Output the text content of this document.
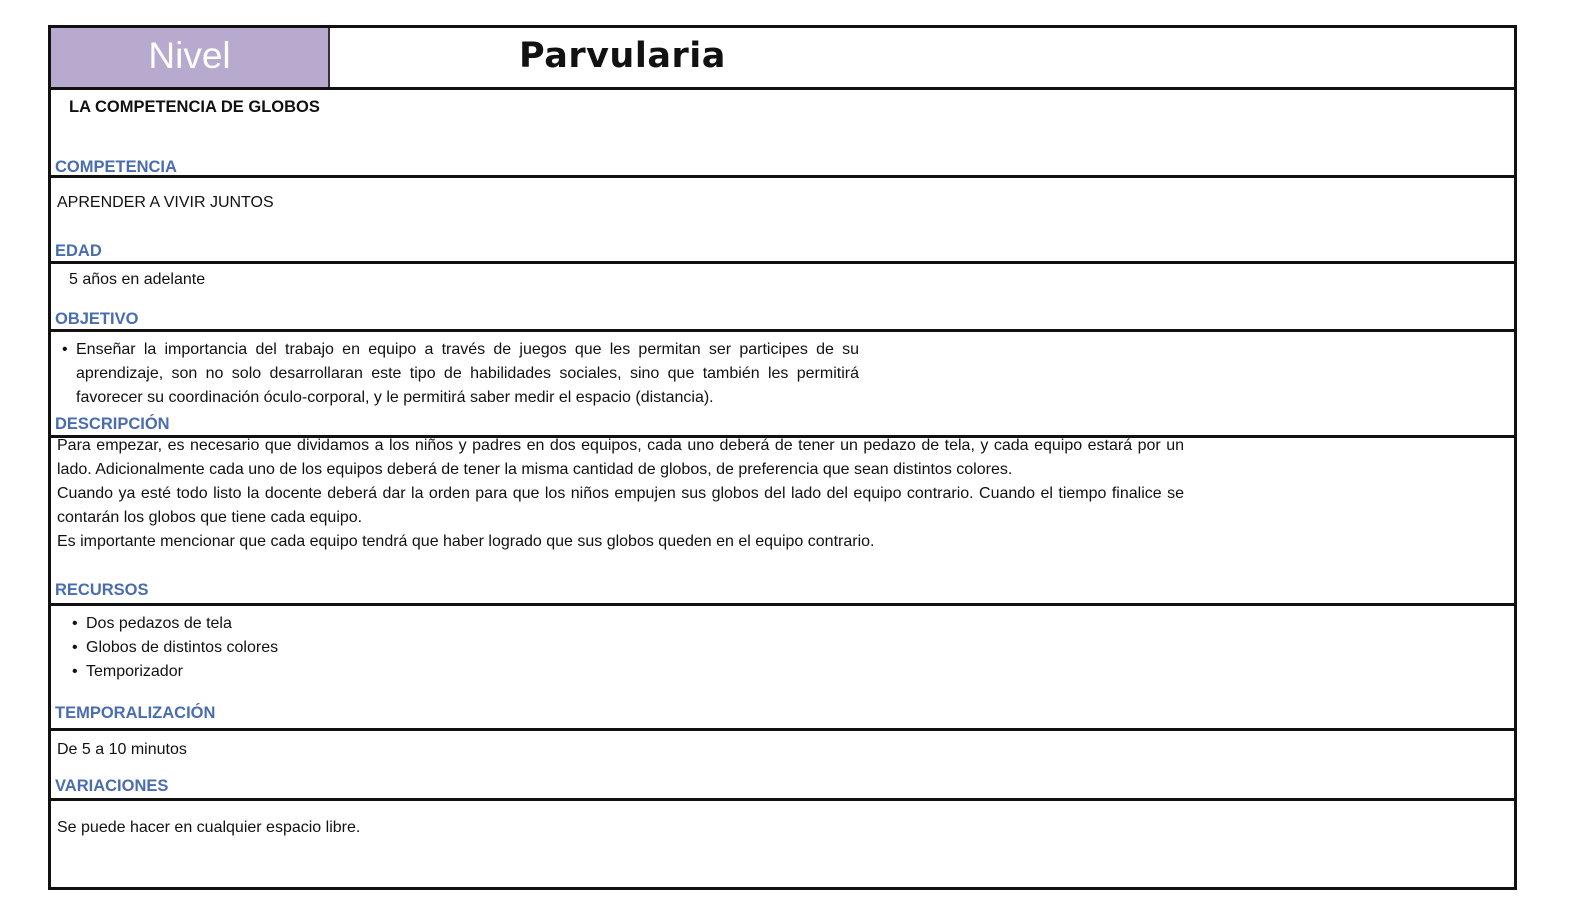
Nivel	Parvularia
LA COMPETENCIA DE GLOBOS
COMPETENCIA
APRENDER A VIVIR JUNTOS
EDAD
5 años en adelante
OBJETIVO
• Enseñar la importancia del trabajo en equipo a través de juegos que les permitan ser participes de su aprendizaje, son no solo desarrollaran este tipo de habilidades sociales, sino que también les permitirá favorecer su coordinación óculo-corporal, y le permitirá saber medir el espacio (distancia).
DESCRIPCIÓN

Para empezar, es necesario que dividamos a los niños y padres en dos equipos, cada uno deberá de tener un pedazo de tela, y cada equipo estará por un lado. Adicionalmente cada uno de los equipos deberá de tener la misma cantidad de globos, de preferencia que sean distintos colores.

Cuando ya esté todo listo la docente deberá dar la orden para que los niños empujen sus globos del lado del equipo contrario. Cuando el tiempo finalice se contarán los globos que tiene cada equipo.

Es importante mencionar que cada equipo tendrá que haber logrado que sus globos queden en el equipo contrario.

RECURSOS
• Dos pedazos de tela
• Globos de distintos colores
• Temporizador
TEMPORALIZACIÓN
De 5 a 10 minutos
VARIACIONES
Se puede hacer en cualquier espacio libre.
